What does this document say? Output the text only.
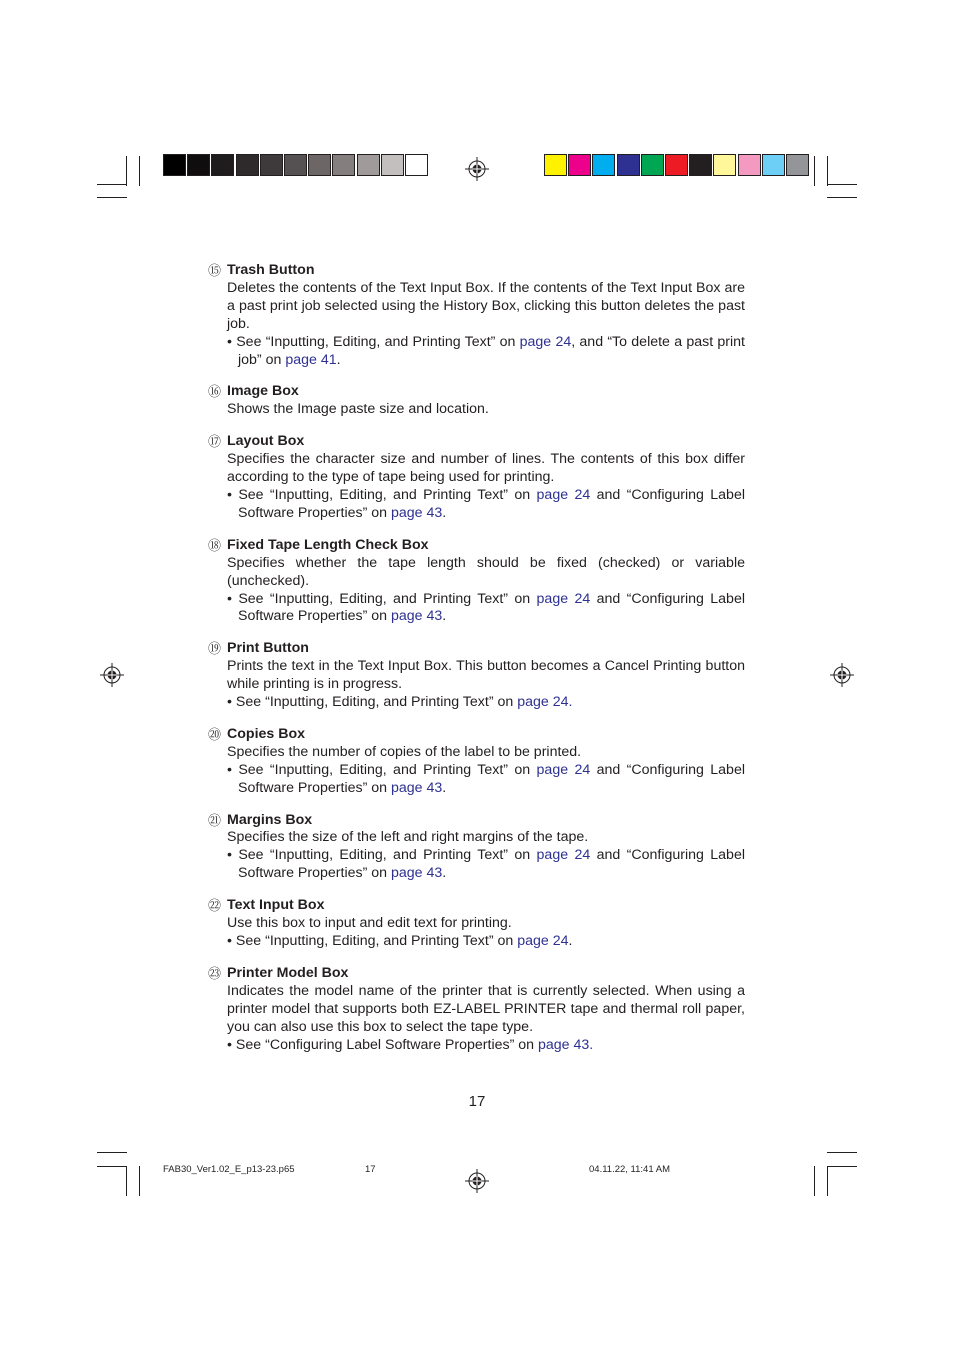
⑮ Trash Button
Deletes the contents of the Text Input Box. If the contents of the Text Input Box are a past print job selected using the History Box, clicking this button deletes the past job.
• See “Inputting, Editing, and Printing Text” on page 24, and “To delete a past print job” on page 41.
⑯ Image Box
Shows the Image paste size and location.
⑰ Layout Box
Specifies the character size and number of lines. The contents of this box differ according to the type of tape being used for printing.
• See “Inputting, Editing, and Printing Text” on page 24 and “Configuring Label Software Properties” on page 43.
⑱ Fixed Tape Length Check Box
Specifies whether the tape length should be fixed (checked) or variable (unchecked).
• See “Inputting, Editing, and Printing Text” on page 24 and “Configuring Label Software Properties” on page 43.
⑲ Print Button
Prints the text in the Text Input Box. This button becomes a Cancel Printing button while printing is in progress.
• See “Inputting, Editing, and Printing Text” on page 24.
⑳ Copies Box
Specifies the number of copies of the label to be printed.
• See “Inputting, Editing, and Printing Text” on page 24 and “Configuring Label Software Properties” on page 43.
㉑ Margins Box
Specifies the size of the left and right margins of the tape.
• See “Inputting, Editing, and Printing Text” on page 24 and “Configuring Label Software Properties” on page 43.
㉒ Text Input Box
Use this box to input and edit text for printing.
• See “Inputting, Editing, and Printing Text” on page 24.
㉓ Printer Model Box
Indicates the model name of the printer that is currently selected. When using a printer model that supports both EZ-LABEL PRINTER tape and thermal roll paper, you can also use this box to select the tape type.
• See “Configuring Label Software Properties” on page 43.
17
FAB30_Ver1.02_E_p13-23.p65	17	04.11.22, 11:41 AM
